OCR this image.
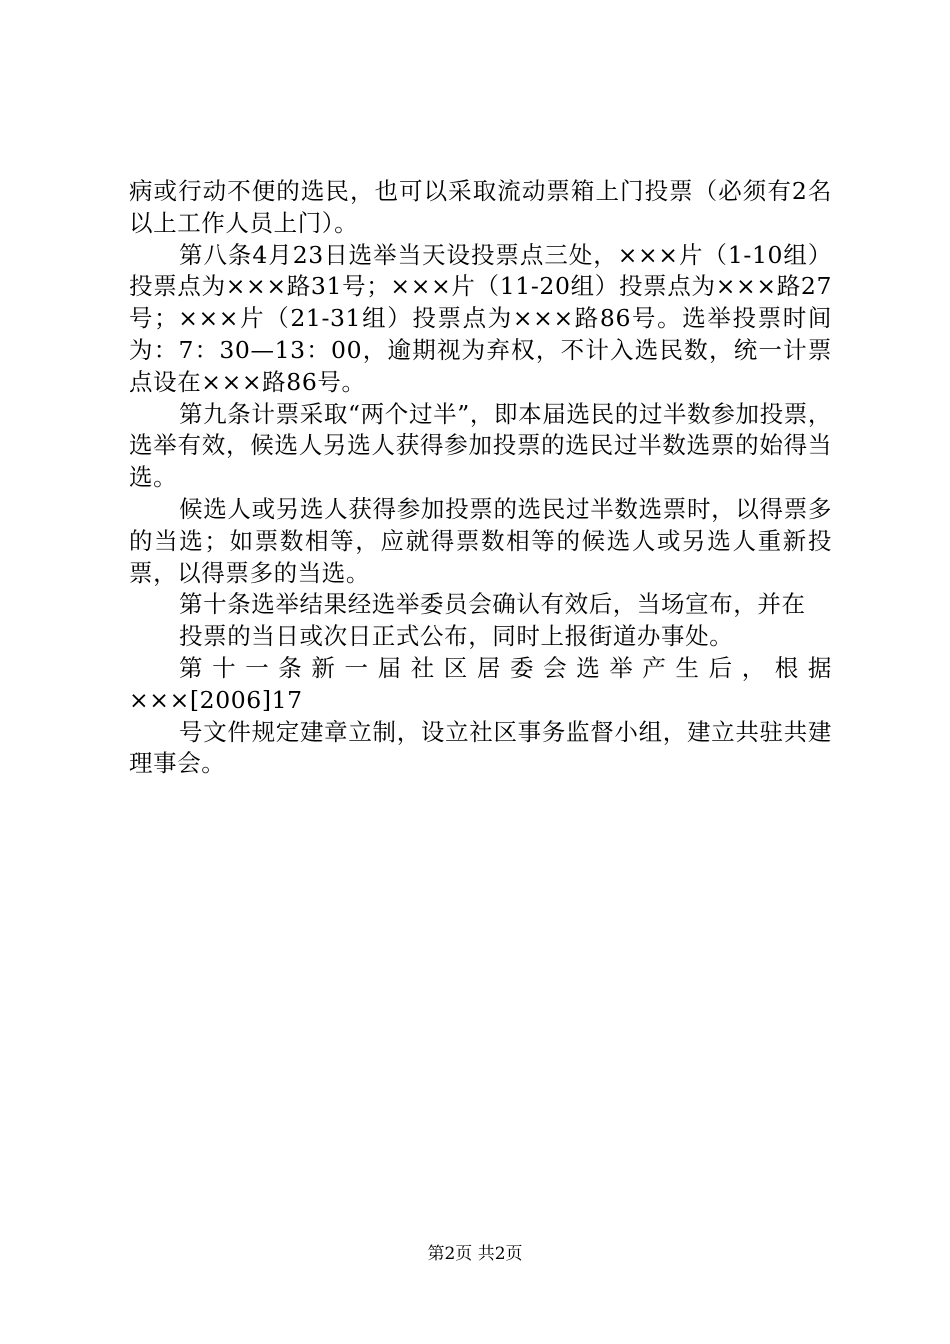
病或行动不便的选民，也可以采取流动票箱上门投票（必须有2名以上工作人员上门）。

第八条4月23日选举当天设投票点三处，×××片（1-10组）投票点为×××路31号；×××片（11-20组）投票点为×××路27号；×××片（21-31组）投票点为×××路86号。选举投票时间为：7：30—13：00，逾期视为弃权，不计入选民数，统一计票点设在×××路86号。

第九条计票采取“两个过半”，即本届选民的过半数参加投票，选举有效，候选人另选人获得参加投票的选民过半数选票的始得当选。

候选人或另选人获得参加投票的选民过半数选票时，以得票多的当选；如票数相等，应就得票数相等的候选人或另选人重新投票，以得票多的当选。

第十条选举结果经选举委员会确认有效后，当场宣布，并在

投票的当日或次日正式公布，同时上报街道办事处。

第十一条新一届社区居委会选举产生后，根据×××[2006]17

号文件规定建章立制，设立社区事务监督小组，建立共驻共建理事会。

第2页 共2页
